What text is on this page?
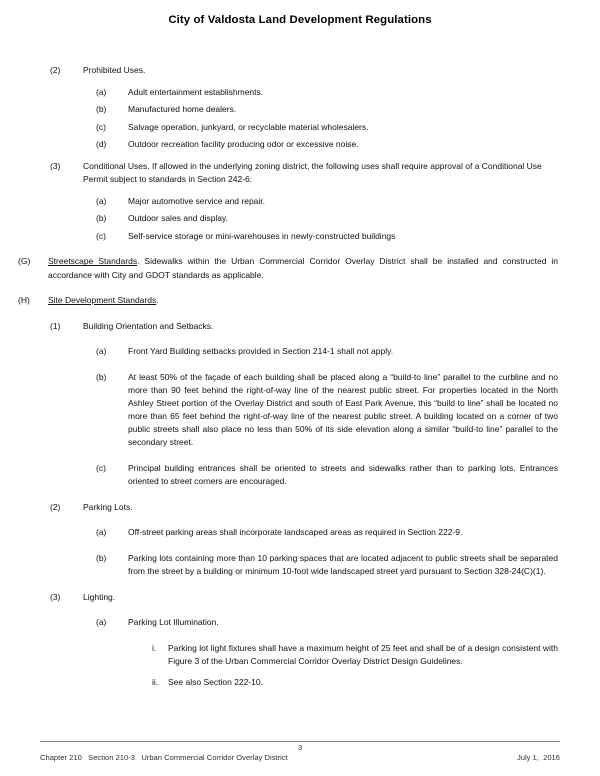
City of Valdosta Land Development Regulations
(2)	Prohibited Uses.
(a)	Adult entertainment establishments.
(b)	Manufactured home dealers.
(c)	Salvage operation, junkyard, or recyclable material wholesalers.
(d)	Outdoor recreation facility producing odor or excessive noise.
(3)	Conditional Uses. If allowed in the underlying zoning district, the following uses shall require approval of a Conditional Use Permit subject to standards in Section 242-6:
(a)	Major automotive service and repair.
(b)	Outdoor sales and display.
(c)	Self-service storage or mini-warehouses in newly-constructed buildings
(G)	Streetscape Standards. Sidewalks within the Urban Commercial Corridor Overlay District shall be installed and constructed in accordance with City and GDOT standards as applicable.
(H)	Site Development Standards.
(1)	Building Orientation and Setbacks.
(a)	Front Yard Building setbacks provided in Section 214-1 shall not apply.
(b)	At least 50% of the façade of each building shall be placed along a “build-to line” parallel to the curbline and no more than 90 feet behind the right-of-way line of the nearest public street. For properties located in the North Ashley Street portion of the Overlay District and south of East Park Avenue, this “build to line” shall be located no more than 65 feet behind the right-of-way line of the nearest public street. A building located on a corner of two public streets shall also place no less than 50% of its side elevation along a similar “build-to line” parallel to the secondary street.
(c)	Principal building entrances shall be oriented to streets and sidewalks rather than to parking lots. Entrances oriented to street corners are encouraged.
(2)	Parking Lots.
(a)	Off-street parking areas shall incorporate landscaped areas as required in Section 222-9.
(b)	Parking lots containing more than 10 parking spaces that are located adjacent to public streets shall be separated from the street by a building or minimum 10-foot wide landscaped street yard pursuant to Section 328-24(C)(1).
(3)	Lighting.
(a)	Parking Lot Illumination.
i.	Parking lot light fixtures shall have a maximum height of 25 feet and shall be of a design consistent with Figure 3 of the Urban Commercial Corridor Overlay District Design Guidelines.
ii.	See also Section 222-10.
3
Chapter 210   Section 210-3   Urban Commercial Corridor Overlay District	July 1,  2016
